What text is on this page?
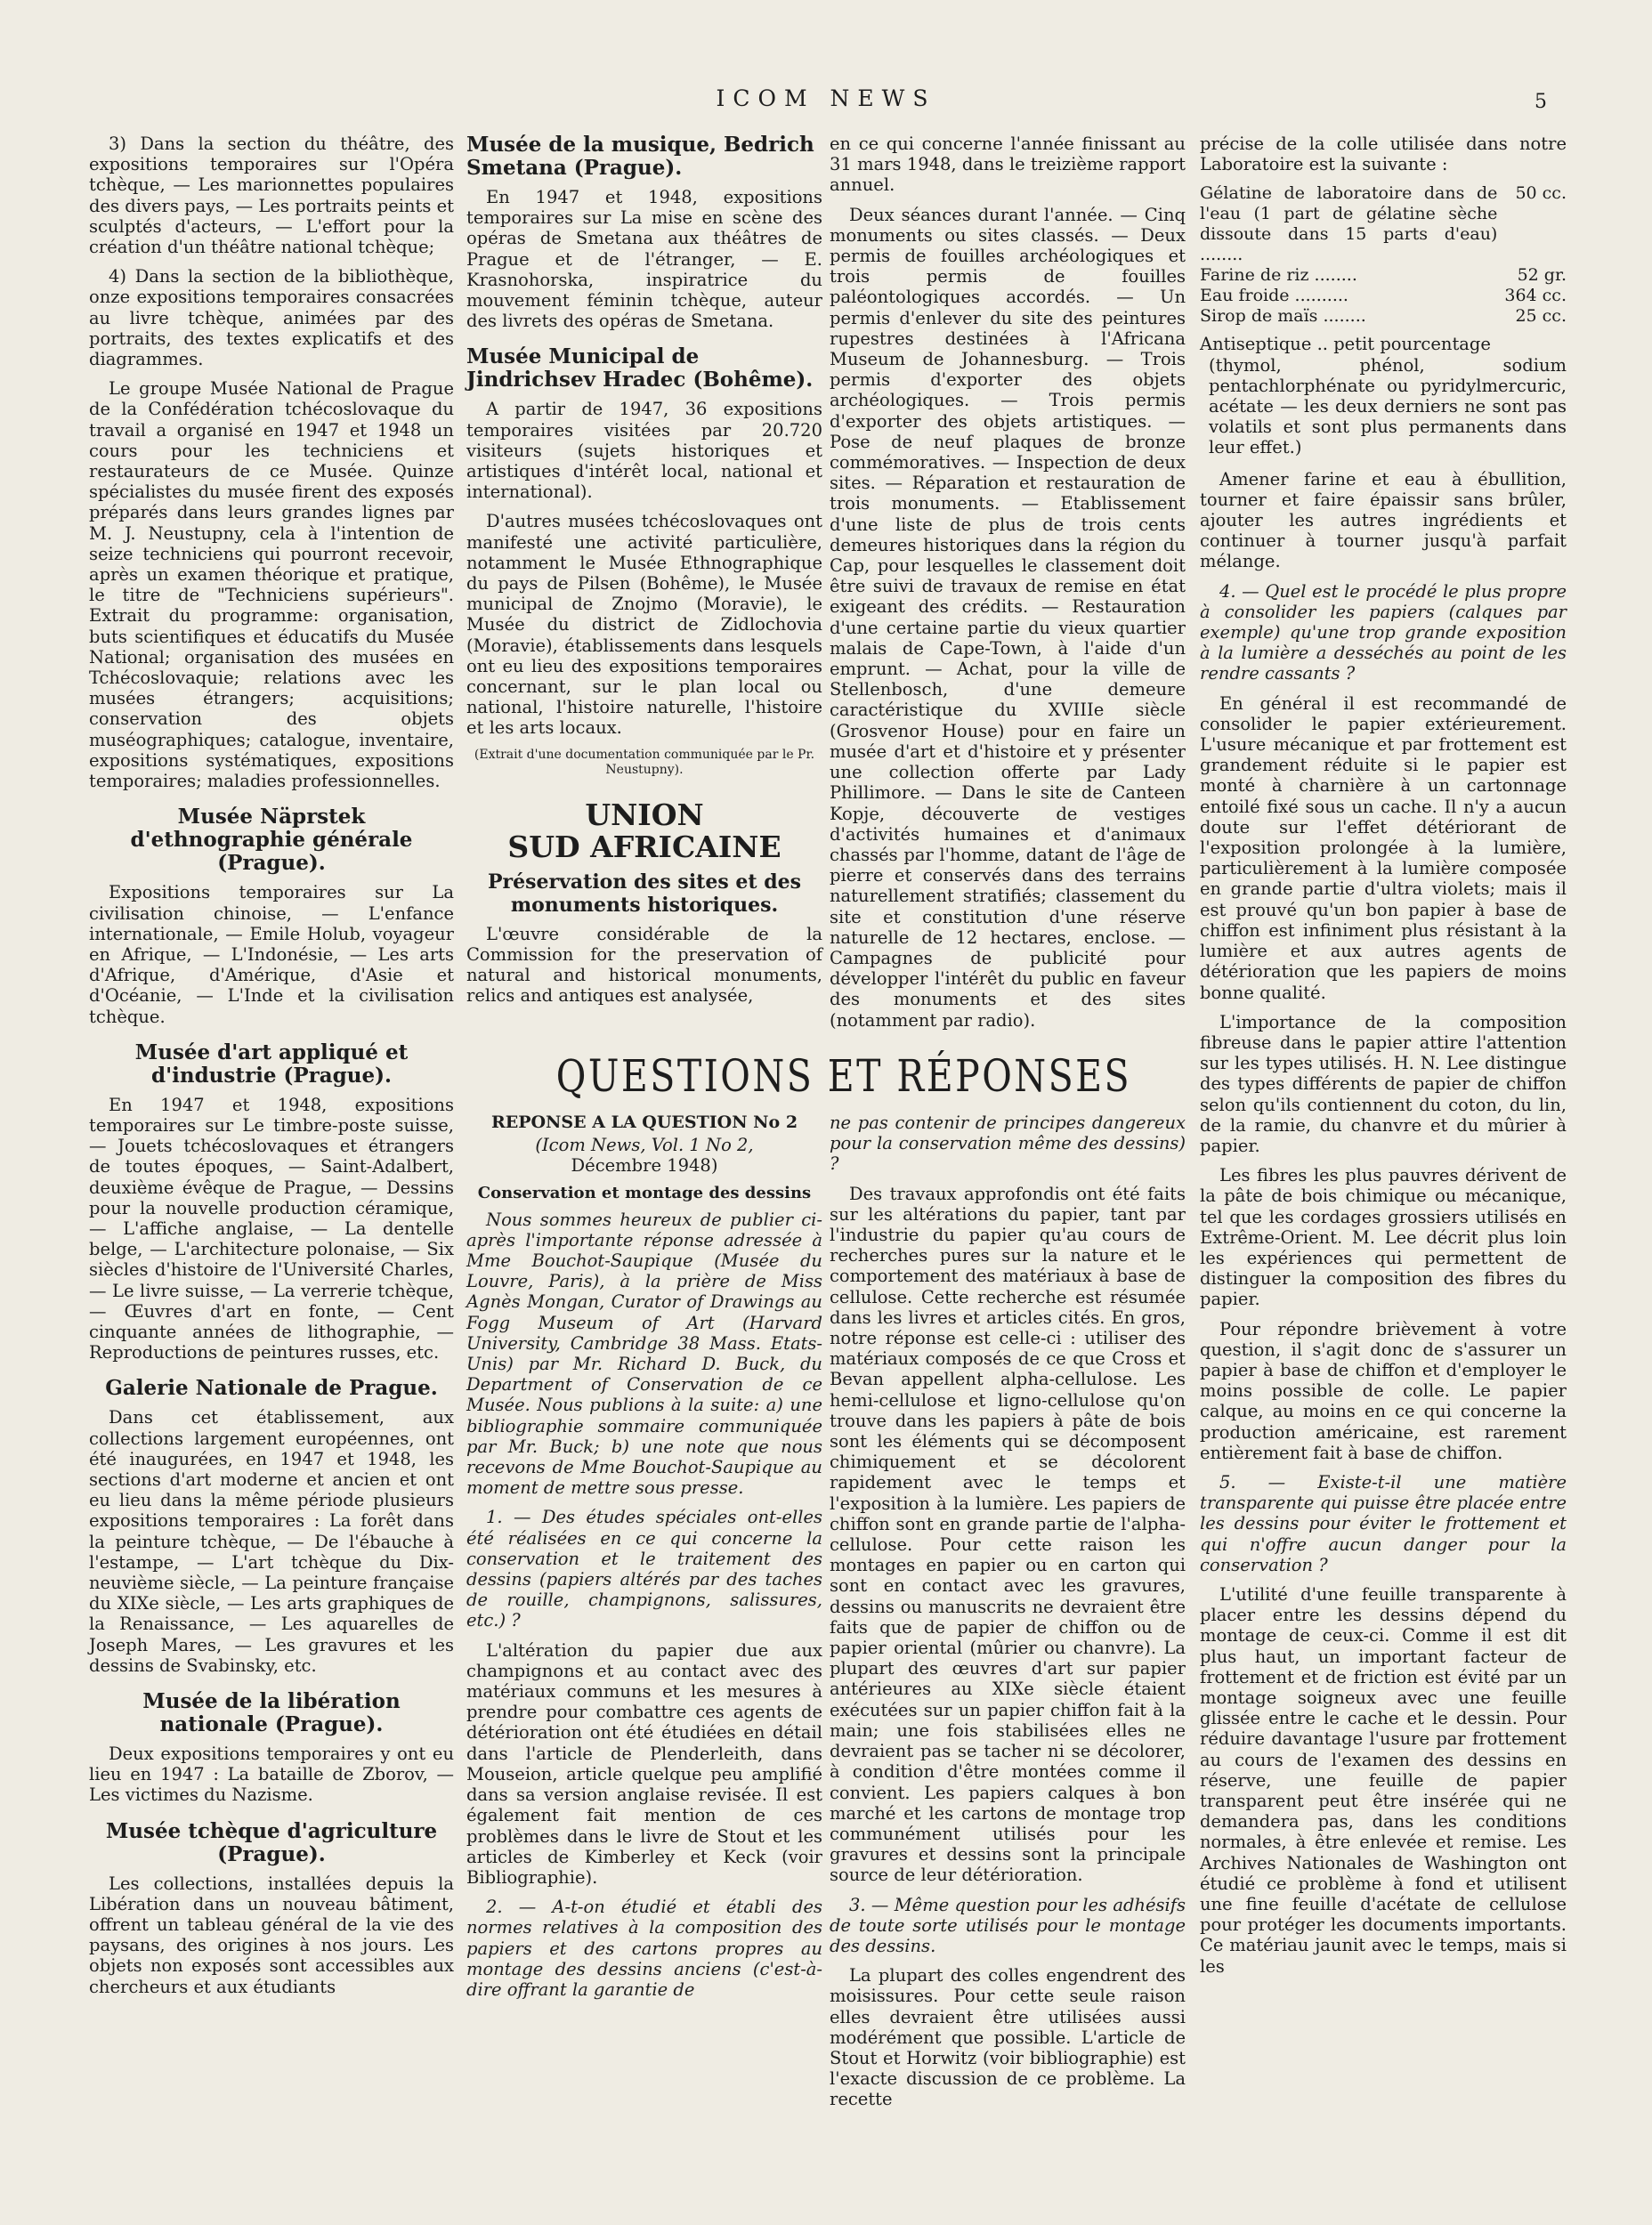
ICOM NEWS	5

3) Dans la section du théâtre, des expositions temporaires sur l'Opéra tchèque, — Les marionnettes populaires des divers pays, — Les portraits peints et sculptés d'acteurs, — L'effort pour la création d'un théâtre national tchèque;

4) Dans la section de la bibliothèque, onze expositions temporaires consacrées au livre tchèque, animées par des portraits, des textes explicatifs et des diagrammes.

Le groupe Musée National de Prague de la Confédération tchécoslovaque du travail a organisé en 1947 et 1948 un cours pour les techniciens et restaurateurs de ce Musée. Quinze spécialistes du musée firent des exposés préparés dans leurs grandes lignes par M. J. Neustupny, cela à l'intention de seize techniciens qui pourront recevoir, après un examen théorique et pratique, le titre de "Techniciens supérieurs". Extrait du programme: organisation, buts scientifiques et éducatifs du Musée National; organisation des musées en Tchécoslovaquie; relations avec les musées étrangers; acquisitions; conservation des objets muséographiques; catalogue, inventaire, expositions systématiques, expositions temporaires; maladies professionnelles.

Musée Näprstek d'ethnographie générale (Prague).

Expositions temporaires sur La civilisation chinoise, — L'enfance internationale, — Emile Holub, voyageur en Afrique, — L'Indonésie, — Les arts d'Afrique, d'Amérique, d'Asie et d'Océanie, — L'Inde et la civilisation tchèque.

Musée d'art appliqué et d'industrie (Prague).

En 1947 et 1948, expositions temporaires sur Le timbre-poste suisse, — Jouets tchécoslovaques et étrangers de toutes époques, — Saint-Adalbert, deuxième évêque de Prague, — Dessins pour la nouvelle production céramique, — L'affiche anglaise, — La dentelle belge, — L'architecture polonaise, — Six siècles d'histoire de l'Université Charles, — Le livre suisse, — La verrerie tchèque, — Œuvres d'art en fonte, — Cent cinquante années de lithographie, — Reproductions de peintures russes, etc.

Galerie Nationale de Prague.

Dans cet établissement, aux collections largement européennes, ont été inaugurées, en 1947 et 1948, les sections d'art moderne et ancien et ont eu lieu dans la même période plusieurs expositions temporaires : La forêt dans la peinture tchèque, — De l'ébauche à l'estampe, — L'art tchèque du Dix-neuvième siècle, — La peinture française du XIXe siècle, — Les arts graphiques de la Renaissance, — Les aquarelles de Joseph Mares, — Les gravures et les dessins de Svabinsky, etc.

Musée de la libération nationale (Prague).

Deux expositions temporaires y ont eu lieu en 1947 : La bataille de Zborov, — Les victimes du Nazisme.

Musée tchèque d'agriculture (Prague).

Les collections, installées depuis la Libération dans un nouveau bâtiment, offrent un tableau général de la vie des paysans, des origines à nos jours. Les objets non exposés sont accessibles aux chercheurs et aux étudiants

Musée de la musique, Bedrich Smetana (Prague).

En 1947 et 1948, expositions temporaires sur La mise en scène des opéras de Smetana aux théâtres de Prague et de l'étranger, — E. Krasnohorska, inspiratrice du mouvement féminin tchèque, auteur des livrets des opéras de Smetana.

Musée Municipal de Jindrichsev Hradec (Bohême).

A partir de 1947, 36 expositions temporaires visitées par 20.720 visiteurs (sujets historiques et artistiques d'intérêt local, national et international).

D'autres musées tchécoslovaques ont manifesté une activité particulière, notamment le Musée Ethnographique du pays de Pilsen (Bohême), le Musée municipal de Znojmo (Moravie), le Musée du district de Zidlochovia (Moravie), établissements dans lesquels ont eu lieu des expositions temporaires concernant, sur le plan local ou national, l'histoire naturelle, l'histoire et les arts locaux.

(Extrait d'une documentation communiquée par le Pr. Neustupny).
UNION
SUD AFRICAINE
Préservation des sites et des monuments historiques.

L'œuvre considérable de la Commission for the preservation of natural and historical monuments, relics and antiques est analysée,

en ce qui concerne l'année finissant au 31 mars 1948, dans le treizième rapport annuel.

Deux séances durant l'année. — Cinq monuments ou sites classés. — Deux permis de fouilles archéologiques et trois permis de fouilles paléontologiques accordés. — Un permis d'enlever du site des peintures rupestres destinées à l'Africana Museum de Johannesburg. — Trois permis d'exporter des objets archéologiques. — Trois permis d'exporter des objets artistiques. — Pose de neuf plaques de bronze commémoratives. — Inspection de deux sites. — Réparation et restauration de trois monuments. — Etablissement d'une liste de plus de trois cents demeures historiques dans la région du Cap, pour lesquelles le classement doit être suivi de travaux de remise en état exigeant des crédits. — Restauration d'une certaine partie du vieux quartier malais de Cape-Town, à l'aide d'un emprunt. — Achat, pour la ville de Stellenbosch, d'une demeure caractéristique du XVIIIe siècle (Grosvenor House) pour en faire un musée d'art et d'histoire et y présenter une collection offerte par Lady Phillimore. — Dans le site de Canteen Kopje, découverte de vestiges d'activités humaines et d'animaux chassés par l'homme, datant de l'âge de pierre et conservés dans des terrains naturellement stratifiés; classement du site et constitution d'une réserve naturelle de 12 hectares, enclose. — Campagnes de publicité pour développer l'intérêt du public en faveur des monuments et des sites (notamment par radio).

précise de la colle utilisée dans notre Laboratoire est la suivante :

Gélatine de laboratoire dans de l'eau (1 part de gélatine sèche dissoute dans 15 parts d'eau) ........	50 cc.
Farine de riz ........	52 gr.
Eau froide ..........	364 cc.
Sirop de maïs ........	25 cc.
Antiseptique .. petit pourcentage
(thymol, phénol, sodium pentachlorphénate ou pyridylmercuric, acétate — les deux derniers ne sont pas volatils et sont plus permanents dans leur effet.)

Amener farine et eau à ébullition, tourner et faire épaissir sans brûler, ajouter les autres ingrédients et continuer à tourner jusqu'à parfait mélange.

4. — Quel est le procédé le plus propre à consolider les papiers (calques par exemple) qu'une trop grande exposition à la lumière a desséchés au point de les rendre cassants ?

En général il est recommandé de consolider le papier extérieurement. L'usure mécanique et par frottement est grandement réduite si le papier est monté à charnière à un cartonnage entoilé fixé sous un cache. Il n'y a aucun doute sur l'effet détériorant de l'exposition prolongée à la lumière, particulièrement à la lumière composée en grande partie d'ultra violets; mais il est prouvé qu'un bon papier à base de chiffon est infiniment plus résistant à la lumière et aux autres agents de détérioration que les papiers de moins bonne qualité.

L'importance de la composition fibreuse dans le papier attire l'attention sur les types utilisés. H. N. Lee distingue des types différents de papier de chiffon selon qu'ils contiennent du coton, du lin, de la ramie, du chanvre et du mûrier à papier.

Les fibres les plus pauvres dérivent de la pâte de bois chimique ou mécanique, tel que les cordages grossiers utilisés en Extrême-Orient. M. Lee décrit plus loin les expériences qui permettent de distinguer la composition des fibres du papier.

Pour répondre brièvement à votre question, il s'agit donc de s'assurer un papier à base de chiffon et d'employer le moins possible de colle. Le papier calque, au moins en ce qui concerne la production américaine, est rarement entièrement fait à base de chiffon.

5. — Existe-t-il une matière transparente qui puisse être placée entre les dessins pour éviter le frottement et qui n'offre aucun danger pour la conservation ?

L'utilité d'une feuille transparente à placer entre les dessins dépend du montage de ceux-ci. Comme il est dit plus haut, un important facteur de frottement et de friction est évité par un montage soigneux avec une feuille glissée entre le cache et le dessin. Pour réduire davantage l'usure par frottement au cours de l'examen des dessins en réserve, une feuille de papier transparent peut être insérée qui ne demandera pas, dans les conditions normales, à être enlevée et remise. Les Archives Nationales de Washington ont étudié ce problème à fond et utilisent une fine feuille d'acétate de cellulose pour protéger les documents importants. Ce matériau jaunit avec le temps, mais si les

QUESTIONS ET RÉPONSES
REPONSE A LA QUESTION No 2
(Icom News, Vol. 1 No 2,
Décembre 1948)
Conservation et montage des dessins

Nous sommes heureux de publier ci-après l'importante réponse adressée à Mme Bouchot-Saupique (Musée du Louvre, Paris), à la prière de Miss Agnès Mongan, Curator of Drawings au Fogg Museum of Art (Harvard University, Cambridge 38 Mass. Etats-Unis) par Mr. Richard D. Buck, du Department of Conservation de ce Musée. Nous publions à la suite: a) une bibliographie sommaire communiquée par Mr. Buck; b) une note que nous recevons de Mme Bouchot-Saupique au moment de mettre sous presse.

1. — Des études spéciales ont-elles été réalisées en ce qui concerne la conservation et le traitement des dessins (papiers altérés par des taches de rouille, champignons, salissures, etc.) ?

L'altération du papier due aux champignons et au contact avec des matériaux communs et les mesures à prendre pour combattre ces agents de détérioration ont été étudiées en détail dans l'article de Plenderleith, dans Mouseion, article quelque peu amplifié dans sa version anglaise revisée. Il est également fait mention de ces problèmes dans le livre de Stout et les articles de Kimberley et Keck (voir Bibliographie).

2. — A-t-on étudié et établi des normes relatives à la composition des papiers et des cartons propres au montage des dessins anciens (c'est-à-dire offrant la garantie de

ne pas contenir de principes dangereux pour la conservation même des dessins) ?

Des travaux approfondis ont été faits sur les altérations du papier, tant par l'industrie du papier qu'au cours de recherches pures sur la nature et le comportement des matériaux à base de cellulose. Cette recherche est résumée dans les livres et articles cités. En gros, notre réponse est celle-ci : utiliser des matériaux composés de ce que Cross et Bevan appellent alpha-cellulose. Les hemi-cellulose et ligno-cellulose qu'on trouve dans les papiers à pâte de bois sont les éléments qui se décomposent chimiquement et se décolorent rapidement avec le temps et l'exposition à la lumière. Les papiers de chiffon sont en grande partie de l'alpha-cellulose. Pour cette raison les montages en papier ou en carton qui sont en contact avec les gravures, dessins ou manuscrits ne devraient être faits que de papier de chiffon ou de papier oriental (mûrier ou chanvre). La plupart des œuvres d'art sur papier antérieures au XIXe siècle étaient exécutées sur un papier chiffon fait à la main; une fois stabilisées elles ne devraient pas se tacher ni se décolorer, à condition d'être montées comme il convient. Les papiers calques à bon marché et les cartons de montage trop communément utilisés pour les gravures et dessins sont la principale source de leur détérioration.

3. — Même question pour les adhésifs de toute sorte utilisés pour le montage des dessins.

La plupart des colles engendrent des moisissures. Pour cette seule raison elles devraient être utilisées aussi modérément que possible. L'article de Stout et Horwitz (voir bibliographie) est l'exacte discussion de ce problème. La recette
